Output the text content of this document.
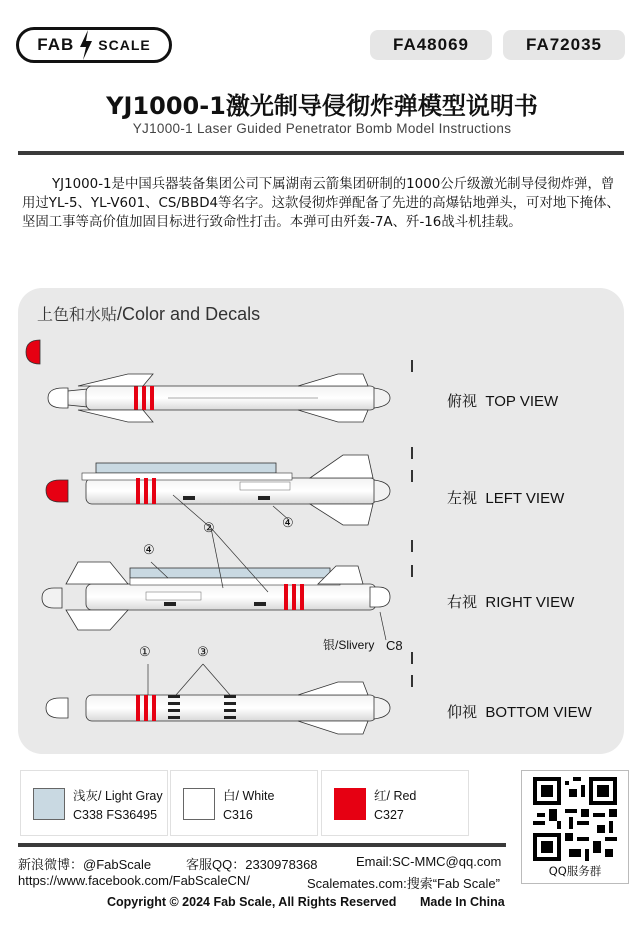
FAB SCALE	FA48069	FA72035
YJ1000-1激光制导侵彻炸弹模型说明书
YJ1000-1 Laser Guided Penetrator Bomb Model Instructions
YJ1000-1是中国兵器装备集团公司下属湖南云箭集团研制的1000公斤级激光制导侵彻炸弹，曾用过YL-5、YL-V601、CS/BBD4等名字。这款侵彻炸弹配备了先进的高爆钻地弹头，可对地下掩体、坚固工事等高价值加固目标进行致命性打击。本弹可由歼轰-7A、歼-16战斗机挂载。
上色和水贴/Color and Decals
②	④
④
①	③	银/Slivery C8
俯视 TOP VIEW
左视 LEFT VIEW
右视 RIGHT VIEW
仰视 BOTTOM VIEW
浅灰/ Light Gray
C338 FS36495
白/ White
C316
红/ Red
C327
QQ服务群
新浪微博：@FabScale	客服QQ：2330978368	Email:SC-MMC@qq.com
https://www.facebook.com/FabScaleCN/	Scalemates.com:搜索“Fab Scale”
Copyright © 2024 Fab Scale, All Rights Reserved Made In China
